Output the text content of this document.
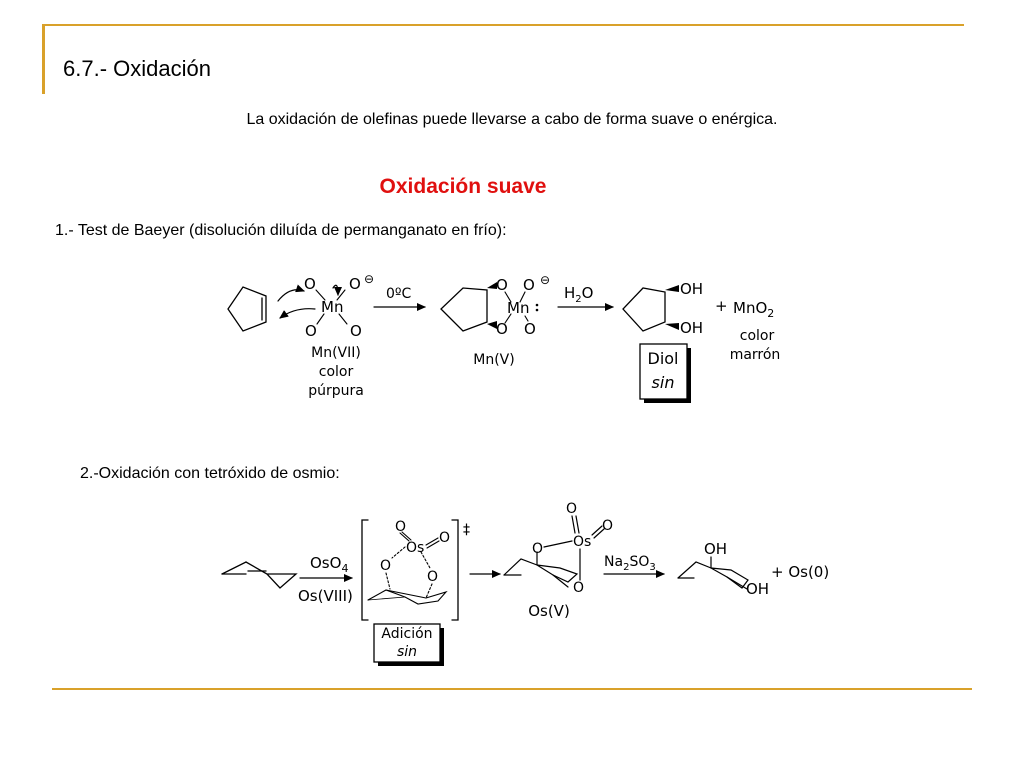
6.7.- Oxidación
La oxidación de olefinas puede llevarse a cabo de forma suave o enérgica.
Oxidación suave
1.- Test de Baeyer (disolución diluída de permanganato en frío):
2.-Oxidación con tetróxido de osmio:
O O ⊖
Mn
O O
Mn(VII)
color
púrpura
0ºC	O O ⊖
Mn
O O
Mn(V)
$H_2O$	OH
OH
+ MnO$_2$
color
marrón
Diol
sin
OsO$_4$
Os(VIII)
‡
O
Os
O
O
O
Adición
sin
O
O
O Os
O
Os(V)
$Na_2SO_3$
OH
OH
+ Os(0)
